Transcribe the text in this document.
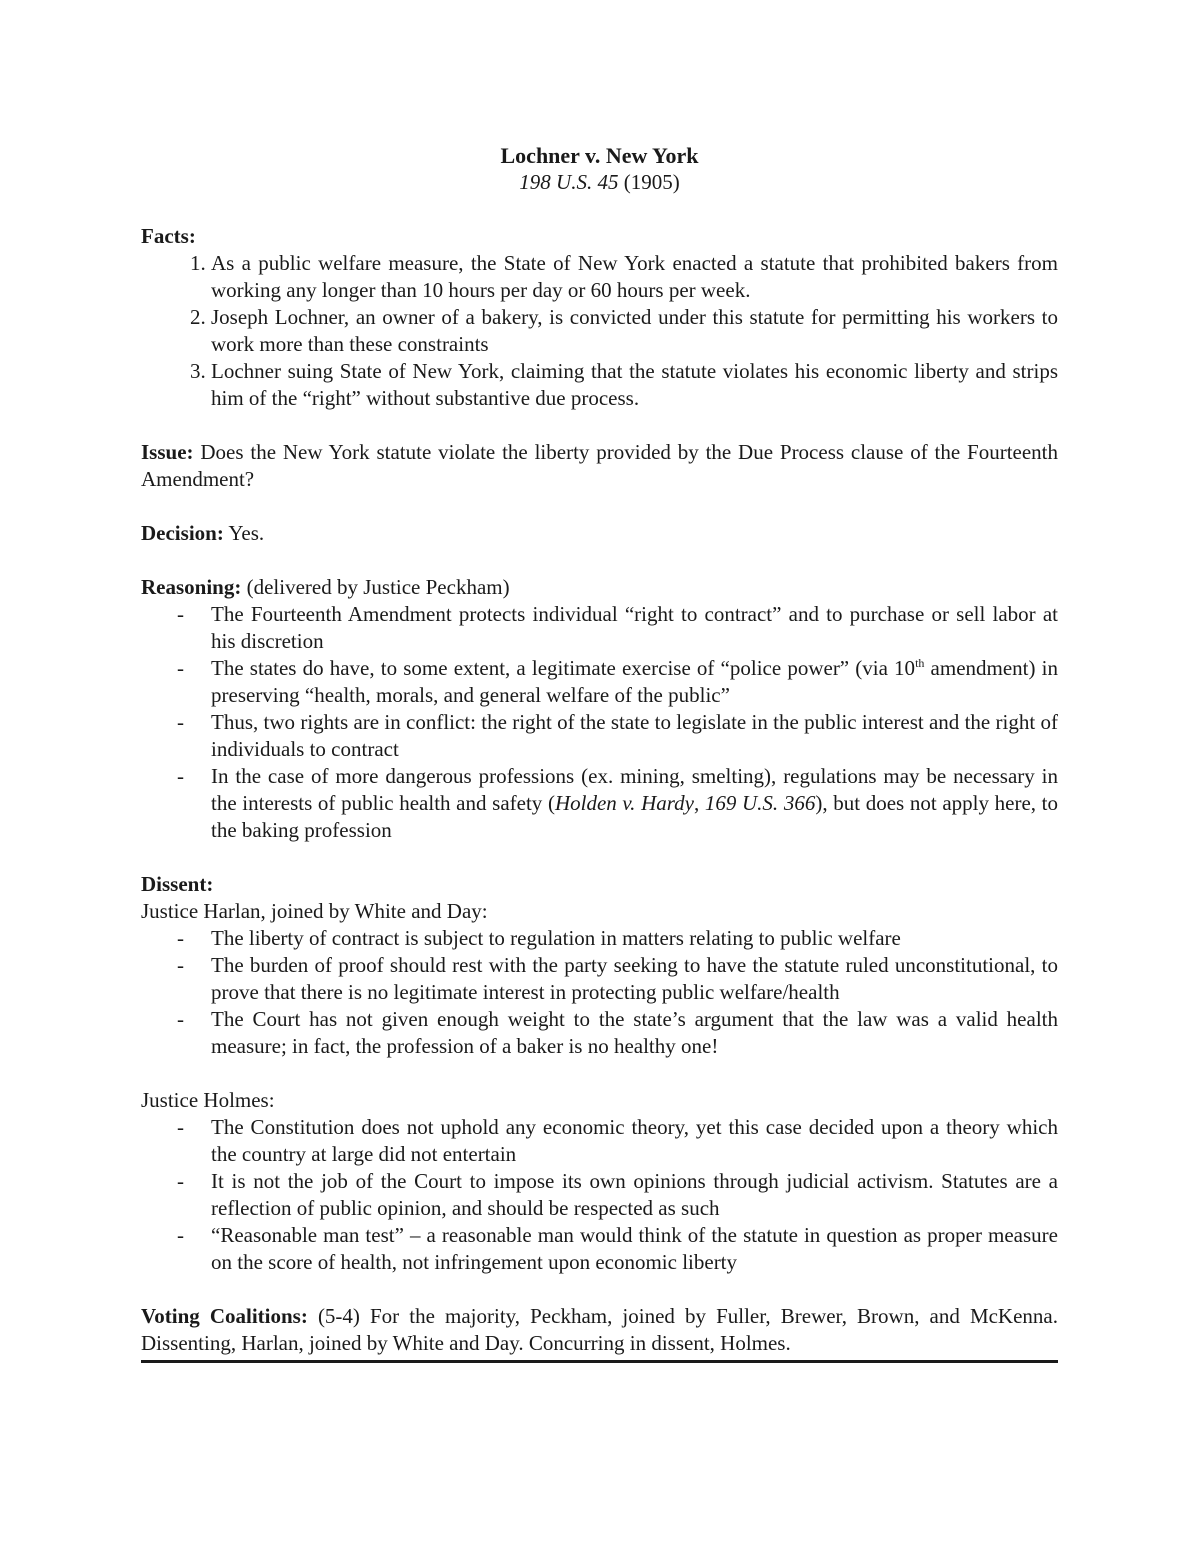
Lochner v. New York
198 U.S. 45 (1905)
Facts:
1. As a public welfare measure, the State of New York enacted a statute that prohibited bakers from working any longer than 10 hours per day or 60 hours per week.
2. Joseph Lochner, an owner of a bakery, is convicted under this statute for permitting his workers to work more than these constraints
3. Lochner suing State of New York, claiming that the statute violates his economic liberty and strips him of the “right” without substantive due process.

Issue: Does the New York statute violate the liberty provided by the Due Process clause of the Fourteenth Amendment?

Decision: Yes.

Reasoning: (delivered by Justice Peckham)
- The Fourteenth Amendment protects individual “right to contract” and to purchase or sell labor at his discretion
- The states do have, to some extent, a legitimate exercise of “police power” (via 10th amendment) in preserving “health, morals, and general welfare of the public”
- Thus, two rights are in conflict: the right of the state to legislate in the public interest and the right of individuals to contract
- In the case of more dangerous professions (ex. mining, smelting), regulations may be necessary in the interests of public health and safety (Holden v. Hardy, 169 U.S. 366), but does not apply here, to the baking profession
Dissent:
Justice Harlan, joined by White and Day:
- The liberty of contract is subject to regulation in matters relating to public welfare
- The burden of proof should rest with the party seeking to have the statute ruled unconstitutional, to prove that there is no legitimate interest in protecting public welfare/health
- The Court has not given enough weight to the state’s argument that the law was a valid health measure; in fact, the profession of a baker is no healthy one!
Justice Holmes:
- The Constitution does not uphold any economic theory, yet this case decided upon a theory which the country at large did not entertain
- It is not the job of the Court to impose its own opinions through judicial activism. Statutes are a reflection of public opinion, and should be respected as such
- “Reasonable man test” – a reasonable man would think of the statute in question as proper measure on the score of health, not infringement upon economic liberty

Voting Coalitions: (5-4) For the majority, Peckham, joined by Fuller, Brewer, Brown, and McKenna. Dissenting, Harlan, joined by White and Day. Concurring in dissent, Holmes.
